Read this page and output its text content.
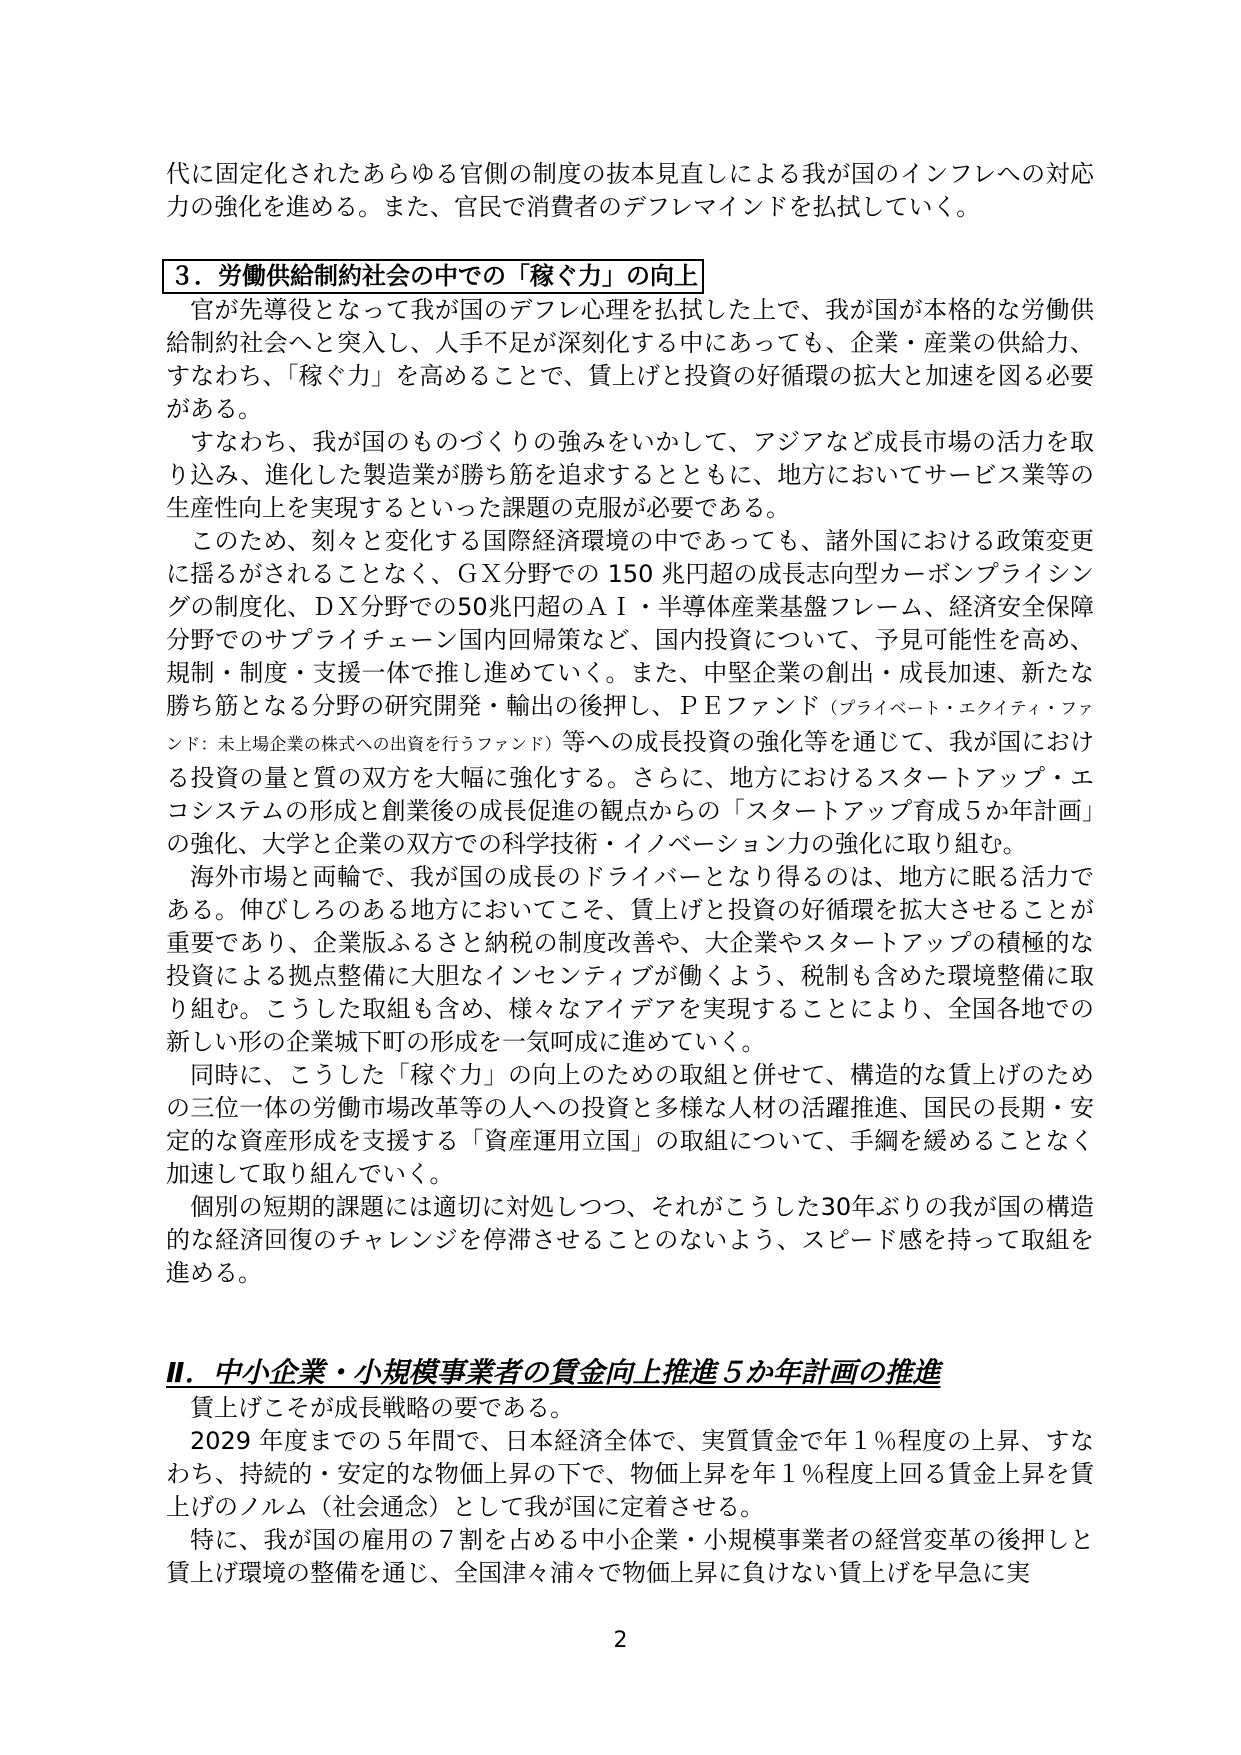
代に固定化されたあらゆる官側の制度の抜本見直しによる我が国のインフレへの対応力の強化を進める。また、官民で消費者のデフレマインドを払拭していく。

３．労働供給制約社会の中での「稼ぐ力」の向上

官が先導役となって我が国のデフレ心理を払拭した上で、我が国が本格的な労働供給制約社会へと突入し、人手不足が深刻化する中にあっても、企業・産業の供給力、すなわち、「稼ぐ力」を高めることで、賃上げと投資の好循環の拡大と加速を図る必要がある。

すなわち、我が国のものづくりの強みをいかして、アジアなど成長市場の活力を取り込み、進化した製造業が勝ち筋を追求するとともに、地方においてサービス業等の生産性向上を実現するといった課題の克服が必要である。

このため、刻々と変化する国際経済環境の中であっても、諸外国における政策変更に揺るがされることなく、ＧＸ分野での 150 兆円超の成長志向型カーボンプライシングの制度化、ＤＸ分野での50兆円超のＡＩ・半導体産業基盤フレーム、経済安全保障分野でのサプライチェーン国内回帰策など、国内投資について、予見可能性を高め、規制・制度・支援一体で推し進めていく。また、中堅企業の創出・成長加速、新たな勝ち筋となる分野の研究開発・輸出の後押し、ＰＥファンド（プライベート・エクイティ・ファンド：未上場企業の株式への出資を行うファンド）等への成長投資の強化等を通じて、我が国における投資の量と質の双方を大幅に強化する。さらに、地方におけるスタートアップ・エコシステムの形成と創業後の成長促進の観点からの「スタートアップ育成５か年計画」の強化、大学と企業の双方での科学技術・イノベーション力の強化に取り組む。

海外市場と両輪で、我が国の成長のドライバーとなり得るのは、地方に眠る活力である。伸びしろのある地方においてこそ、賃上げと投資の好循環を拡大させることが重要であり、企業版ふるさと納税の制度改善や、大企業やスタートアップの積極的な投資による拠点整備に大胆なインセンティブが働くよう、税制も含めた環境整備に取り組む。こうした取組も含め、様々なアイデアを実現することにより、全国各地での新しい形の企業城下町の形成を一気呵成に進めていく。

同時に、こうした「稼ぐ力」の向上のための取組と併せて、構造的な賃上げのための三位一体の労働市場改革等の人への投資と多様な人材の活躍推進、国民の長期・安定的な資産形成を支援する「資産運用立国」の取組について、手綱を緩めることなく加速して取り組んでいく。

個別の短期的課題には適切に対処しつつ、それがこうした30年ぶりの我が国の構造的な経済回復のチャレンジを停滞させることのないよう、スピード感を持って取組を進める。

Ⅱ．中小企業・小規模事業者の賃金向上推進５か年計画の推進

賃上げこそが成長戦略の要である。

2029 年度までの５年間で、日本経済全体で、実質賃金で年１％程度の上昇、すなわち、持続的・安定的な物価上昇の下で、物価上昇を年１％程度上回る賃金上昇を賃上げのノルム（社会通念）として我が国に定着させる。

特に、我が国の雇用の７割を占める中小企業・小規模事業者の経営変革の後押しと賃上げ環境の整備を通じ、全国津々浦々で物価上昇に負けない賃上げを早急に実

2
